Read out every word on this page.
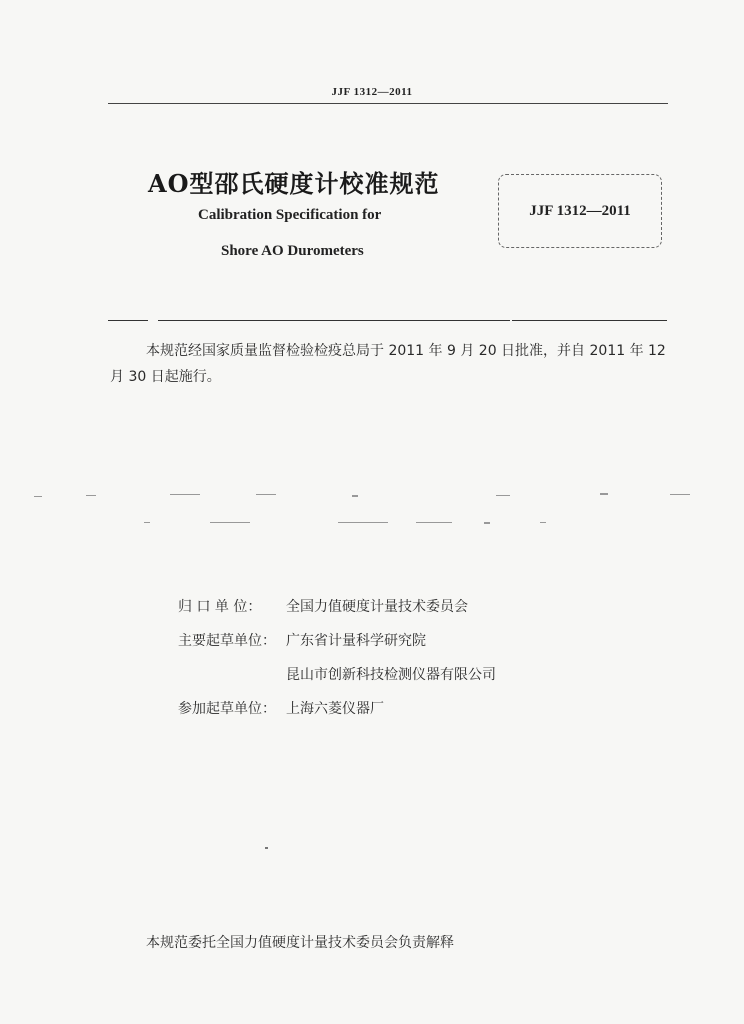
JJF 1312—2011
AO型邵氏硬度计校准规范
Calibration Specification for
Shore AO Durometers
JJF 1312—2011
本规范经国家质量监督检验检疫总局于 2011 年 9 月 20 日批准，并自 2011 年 12 月 30 日起施行。
归 口 单 位： 全国力值硬度计量技术委员会
主要起草单位： 广东省计量科学研究院
昆山市创新科技检测仪器有限公司
参加起草单位： 上海六菱仪器厂
本规范委托全国力值硬度计量技术委员会负责解释
